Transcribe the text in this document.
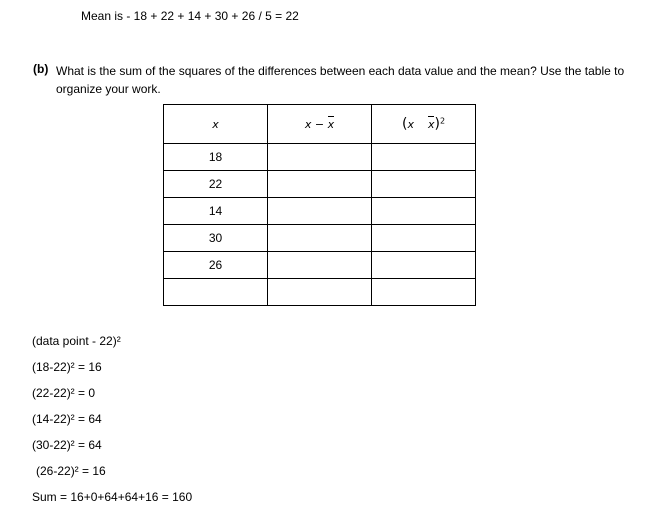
Mean is - 18 + 22 + 14 + 30 + 26 / 5 = 22
(b) What is the sum of the squares of the differences between each data value and the mean? Use the table to organize your work.
x	x − x	(x x)$^2$
18		
22		
14		
30		
26		

(data point - 22)²
(18-22)² = 16
(22-22)² = 0
(14-22)² = 64
(30-22)² = 64
(26-22)² = 16
Sum = 16+0+64+64+16 = 160
